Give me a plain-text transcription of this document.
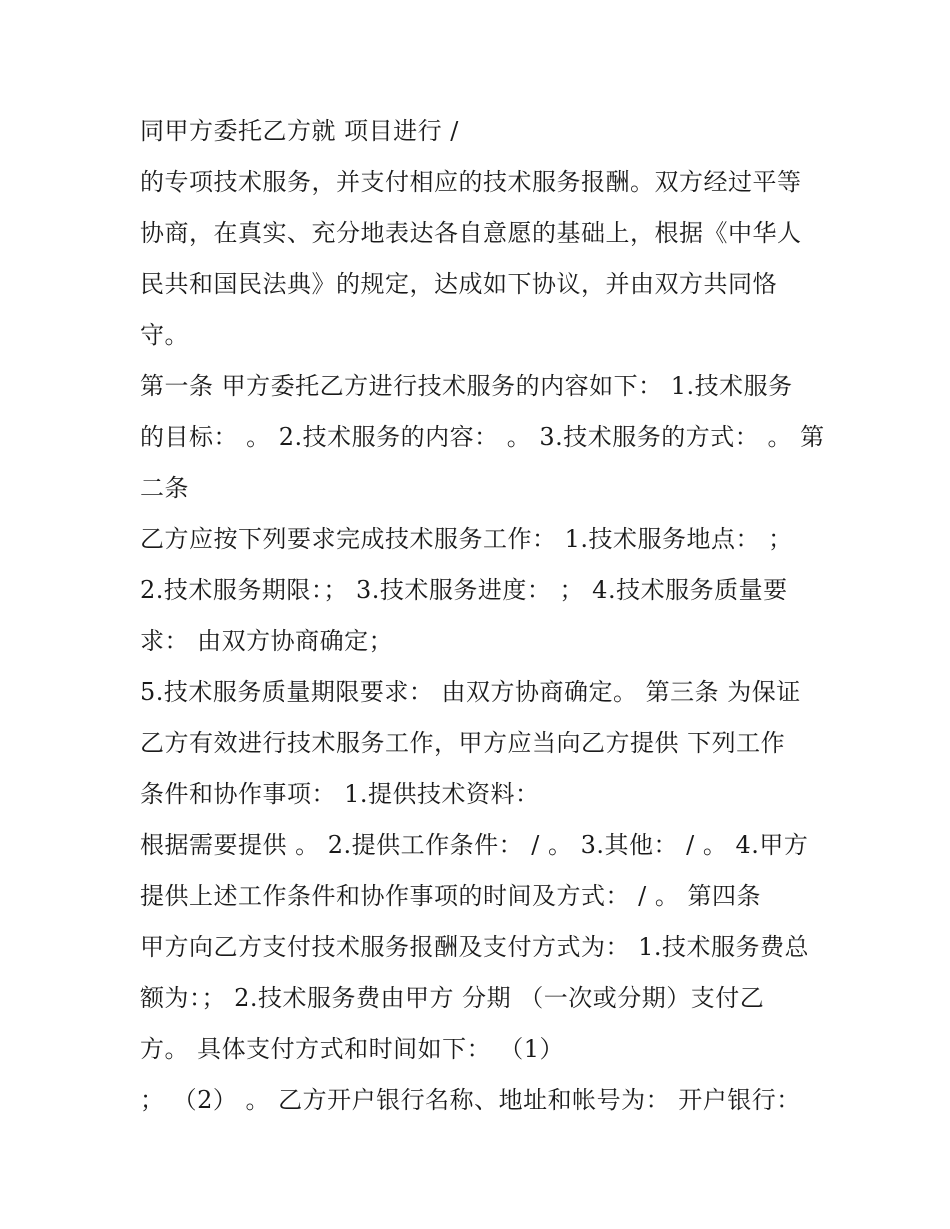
同甲方委托乙方就 项目进行 /
的专项技术服务，并支付相应的技术服务报酬。双方经过平等
协商，在真实、充分地表达各自意愿的基础上，根据《中华人
民共和国民法典》的规定，达成如下协议，并由双方共同恪
守。
第一条 甲方委托乙方进行技术服务的内容如下： 1.技术服务
的目标： 。 2.技术服务的内容： 。 3.技术服务的方式： 。 第
二条
乙方应按下列要求完成技术服务工作： 1.技术服务地点： ；
2.技术服务期限：； 3.技术服务进度： ； 4.技术服务质量要
求： 由双方协商确定；
5.技术服务质量期限要求： 由双方协商确定。 第三条 为保证
乙方有效进行技术服务工作，甲方应当向乙方提供 下列工作
条件和协作事项： 1.提供技术资料：
根据需要提供 。 2.提供工作条件： / 。 3.其他： / 。 4.甲方
提供上述工作条件和协作事项的时间及方式： / 。 第四条
甲方向乙方支付技术服务报酬及支付方式为： 1.技术服务费总
额为：； 2.技术服务费由甲方 分期 （一次或分期）支付乙
方。 具体支付方式和时间如下： （1）
； （2） 。 乙方开户银行名称、地址和帐号为： 开户银行：
